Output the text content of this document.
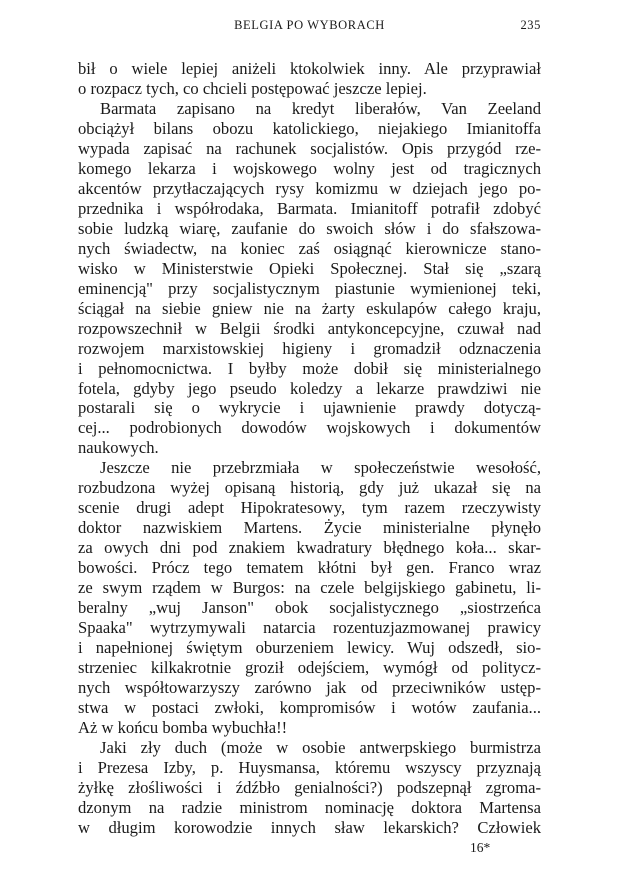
BELGIA PO WYBORACH	235
bił o wiele lepiej aniżeli ktokolwiek inny. Ale przyprawiał
o rozpacz tych, co chcieli postępować jeszcze lepiej.
Barmata zapisano na kredyt liberałów, Van Zeeland
obciążył bilans obozu katolickiego, niejakiego Imianitoffa
wypada zapisać na rachunek socjalistów. Opis przygód rze-
komego lekarza i wojskowego wolny jest od tragicznych
akcentów przytłaczających rysy komizmu w dziejach jego po-
przednika i współrodaka, Barmata. Imianitoff potrafił zdobyć
sobie ludzką wiarę, zaufanie do swoich słów i do sfałszowa-
nych świadectw, na koniec zaś osiągnąć kierownicze stano-
wisko w Ministerstwie Opieki Społecznej. Stał się „szarą
eminencją" przy socjalistycznym piastunie wymienionej teki,
ściągał na siebie gniew nie na żarty eskulapów całego kraju,
rozpowszechnił w Belgii środki antykoncepcyjne, czuwał nad
rozwojem marxistowskiej higieny i gromadził odznaczenia
i pełnomocnictwa. I byłby może dobił się ministerialnego
fotela, gdyby jego pseudo koledzy a lekarze prawdziwi nie
postarali się o wykrycie i ujawnienie prawdy dotyczą-
cej... podrobionych dowodów wojskowych i dokumentów
naukowych.
Jeszcze nie przebrzmiała w społeczeństwie wesołość,
rozbudzona wyżej opisaną historią, gdy już ukazał się na
scenie drugi adept Hipokratesowy, tym razem rzeczywisty
doktor nazwiskiem Martens. Życie ministerialne płynęło
za owych dni pod znakiem kwadratury błędnego koła... skar-
bowości. Prócz tego tematem kłótni był gen. Franco wraz
ze swym rządem w Burgos: na czele belgijskiego gabinetu, li-
beralny „wuj Janson" obok socjalistycznego „siostrzeńca
Spaaka" wytrzymywali natarcia rozentuzjazmowanej prawicy
i napełnionej świętym oburzeniem lewicy. Wuj odszedł, sio-
strzeniec kilkakrotnie groził odejściem, wymógł od politycz-
nych współtowarzyszy zarówno jak od przeciwników ustęp-
stwa w postaci zwłoki, kompromisów i wotów zaufania...
Aż w końcu bomba wybuchła!!
Jaki zły duch (może w osobie antwerpskiego burmistrza
i Prezesa Izby, p. Huysmansa, któremu wszyscy przyznają
żyłkę złośliwości i źdźbło genialności?) podszepnął zgroma-
dzonym na radzie ministrom nominację doktora Martensa
w długim korowodzie innych sław lekarskich? Człowiek
16*
